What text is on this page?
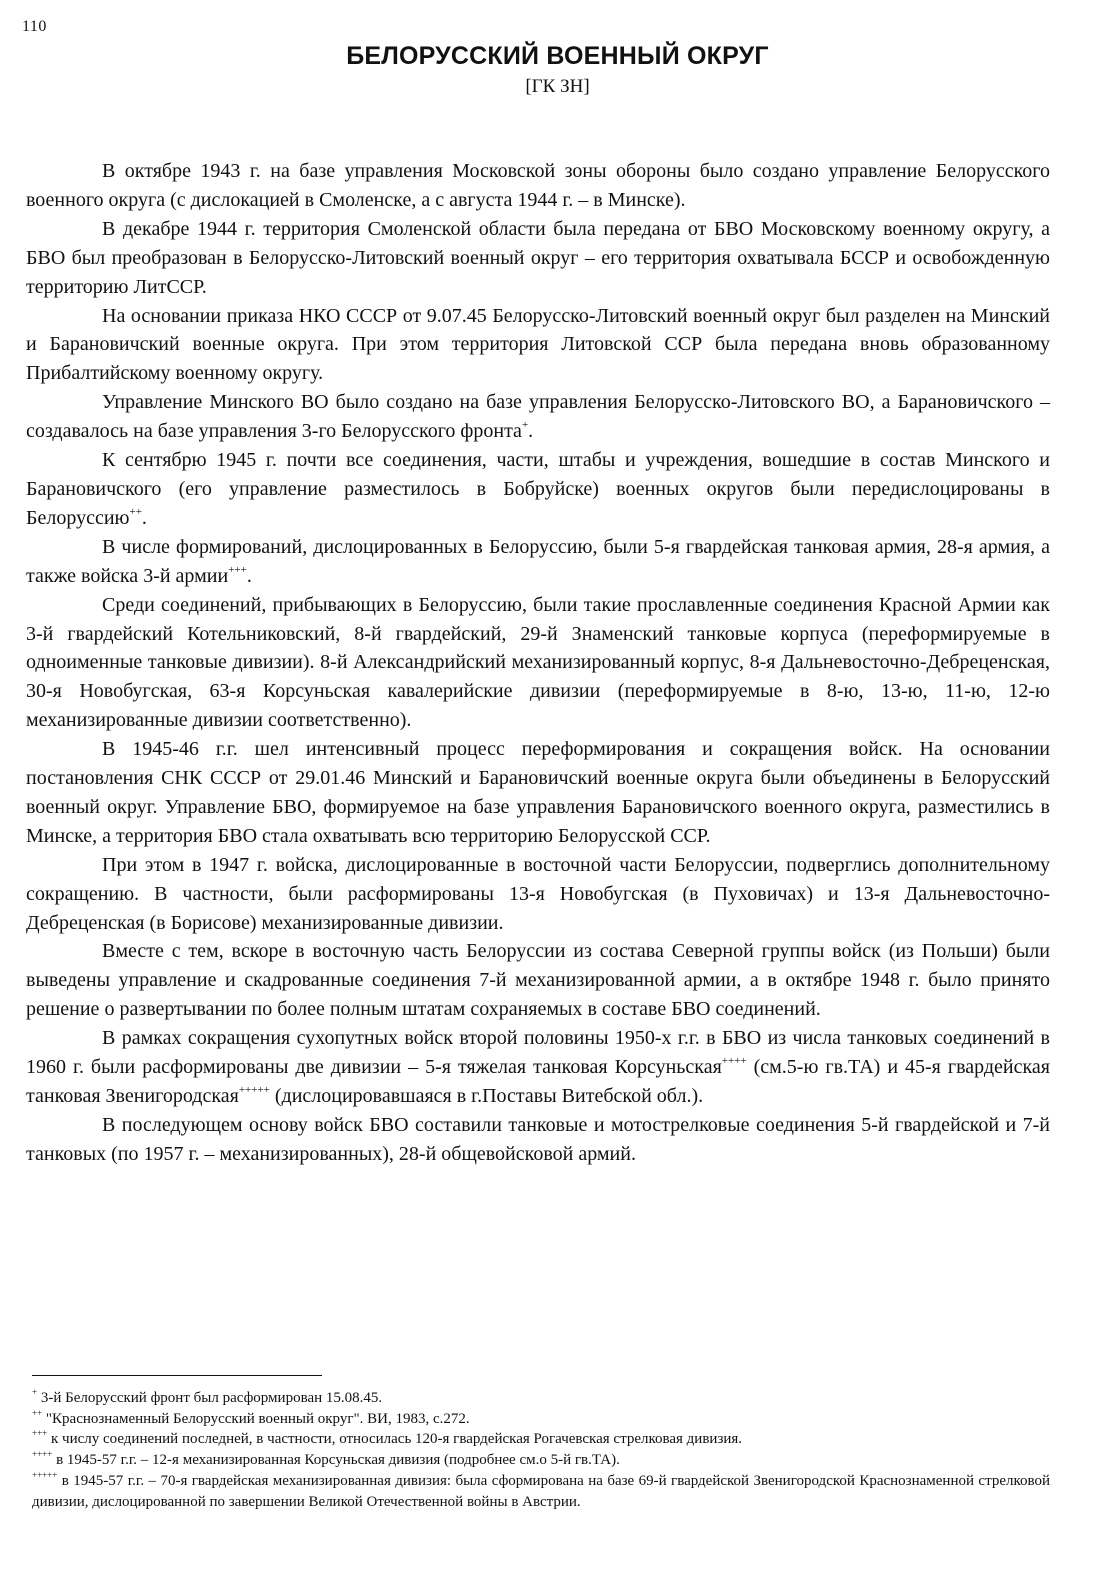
110
БЕЛОРУССКИЙ ВОЕННЫЙ ОКРУГ
[ГК ЗН]

В октябре 1943 г. на базе управления Московской зоны обороны было создано управление Белорусского военного округа (с дислокацией в Смоленске, а с августа 1944 г. – в Минске).

В декабре 1944 г. территория Смоленской области была передана от БВО Московскому военному округу, а БВО был преобразован в Белорусско-Литовский военный округ – его территория охватывала БССР и освобожденную территорию ЛитССР.

На основании приказа НКО СССР от 9.07.45 Белорусско-Литовский военный округ был разделен на Минский и Барановичский военные округа. При этом территория Литовской ССР была передана вновь образованному Прибалтийскому военному округу.

Управление Минского ВО было создано на базе управления Белорусско-Литовского ВО, а Барановичского – создавалось на базе управления 3-го Белорусского фронта+.

К сентябрю 1945 г. почти все соединения, части, штабы и учреждения, вошедшие в состав Минского и Барановичского (его управление разместилось в Бобруйске) военных округов были передислоцированы в Белоруссию++.

В числе формирований, дислоцированных в Белоруссию, были 5-я гвардейская танковая армия, 28-я армия, а также войска 3-й армии+++.

Среди соединений, прибывающих в Белоруссию, были такие прославленные соединения Красной Армии как 3-й гвардейский Котельниковский, 8-й гвардейский, 29-й Знаменский танковые корпуса (переформируемые в одноименные танковые дивизии). 8-й Александрийский механизированный корпус, 8-я Дальневосточно-Дебреценская, 30-я Новобугская, 63-я Корсуньская кавалерийские дивизии (переформируемые в 8-ю, 13-ю, 11-ю, 12-ю механизированные дивизии соответственно).

В 1945-46 г.г. шел интенсивный процесс переформирования и сокращения войск. На основании постановления СНК СССР от 29.01.46 Минский и Барановичский военные округа были объединены в Белорусский военный округ. Управление БВО, формируемое на базе управления Барановичского военного округа, разместились в Минске, а территория БВО стала охватывать всю территорию Белорусской ССР.

При этом в 1947 г. войска, дислоцированные в восточной части Белоруссии, подверглись дополнительному сокращению. В частности, были расформированы 13-я Новобугская (в Пуховичах) и 13-я Дальневосточно-Дебреценская (в Борисове) механизированные дивизии.

Вместе с тем, вскоре в восточную часть Белоруссии из состава Северной группы войск (из Польши) были выведены управление и скадрованные соединения 7-й механизированной армии, а в октябре 1948 г. было принято решение о развертывании по более полным штатам сохраняемых в составе БВО соединений.

В рамках сокращения сухопутных войск второй половины 1950-х г.г. в БВО из числа танковых соединений в 1960 г. были расформированы две дивизии – 5-я тяжелая танковая Корсуньская++++ (см.5-ю гв.ТА) и 45-я гвардейская танковая Звенигородская+++++ (дислоцировавшаяся в г.Поставы Витебской обл.).

В последующем основу войск БВО составили танковые и мотострелковые соединения 5-й гвардейской и 7-й танковых (по 1957 г. – механизированных), 28-й общевойсковой армий.

+ 3-й Белорусский фронт был расформирован 15.08.45.

++ "Краснознаменный Белорусский военный округ". ВИ, 1983, с.272.

+++ к числу соединений последней, в частности, относилась 120-я гвардейская Рогачевская стрелковая дивизия.

++++ в 1945-57 г.г. – 12-я механизированная Корсуньская дивизия (подробнее см.о 5-й гв.ТА).

+++++ в 1945-57 г.г. – 70-я гвардейская механизированная дивизия: была сформирована на базе 69-й гвардейской Звенигородской Краснознаменной стрелковой дивизии, дислоцированной по завершении Великой Отечественной войны в Австрии.
